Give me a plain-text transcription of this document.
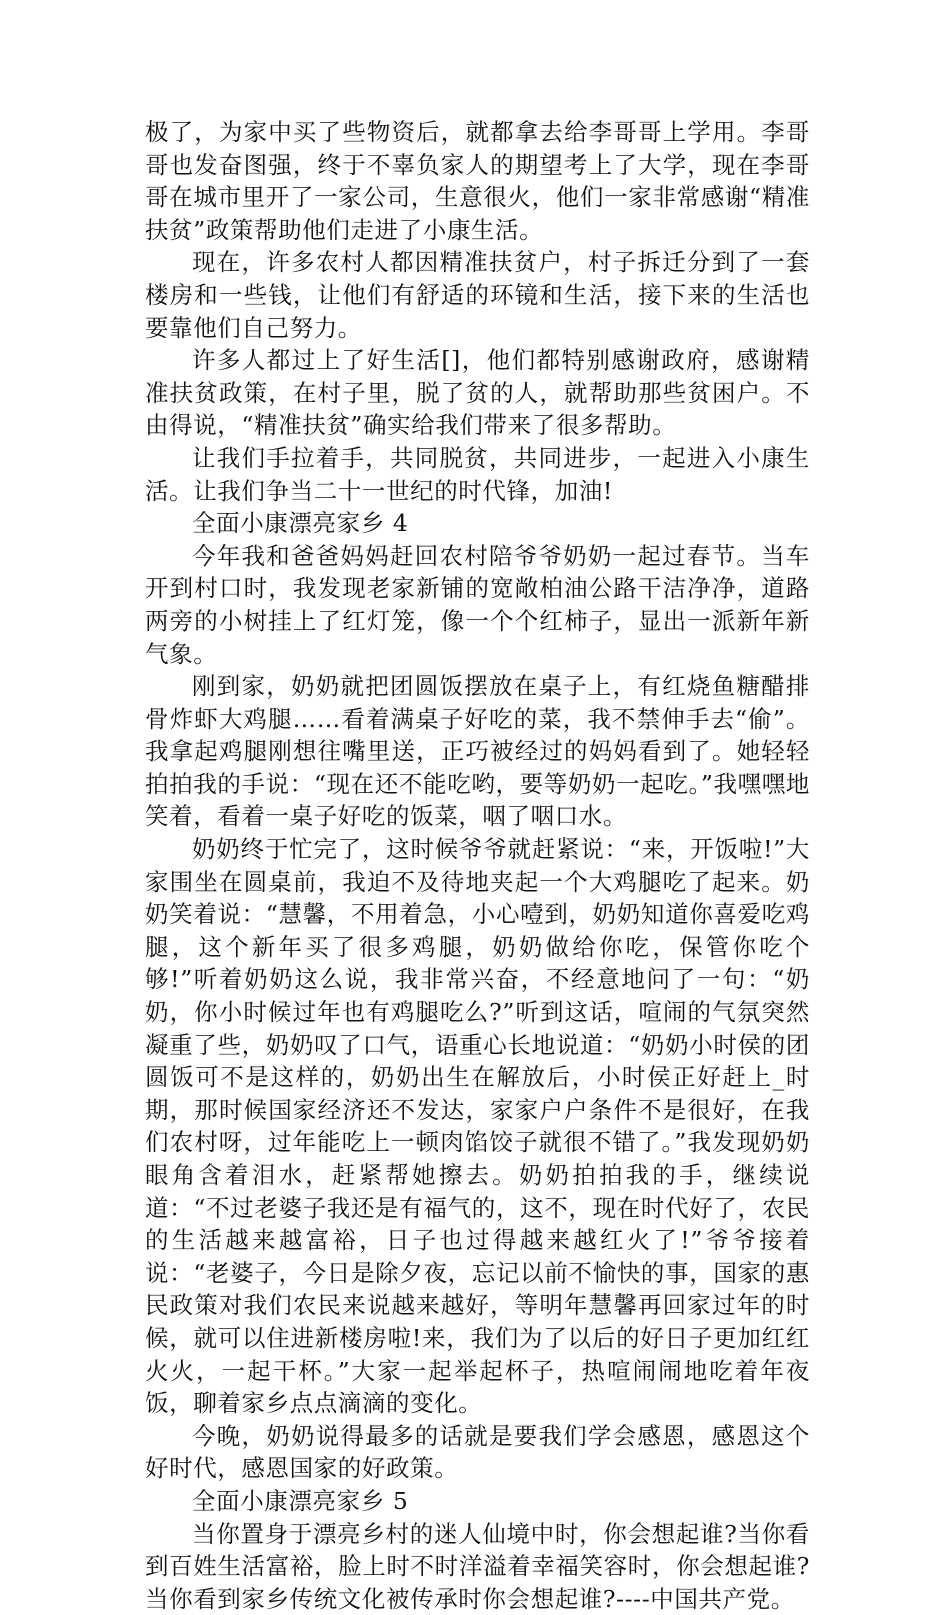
极了，为家中买了些物资后，就都拿去给李哥哥上学用。李哥哥也发奋图强，终于不辜负家人的期望考上了大学，现在李哥哥在城市里开了一家公司，生意很火，他们一家非常感谢“精准扶贫”政策帮助他们走进了小康生活。

现在，许多农村人都因精准扶贫户，村子拆迁分到了一套楼房和一些钱，让他们有舒适的环镜和生活，接下来的生活也要靠他们自己努力。

许多人都过上了好生活[]，他们都特别感谢政府，感谢精准扶贫政策，在村子里，脱了贫的人，就帮助那些贫困户。不由得说，“精准扶贫”确实给我们带来了很多帮助。

让我们手拉着手，共同脱贫，共同进步，一起进入小康生活。让我们争当二十一世纪的时代锋，加油!

全面小康漂亮家乡 4

今年我和爸爸妈妈赶回农村陪爷爷奶奶一起过春节。当车开到村口时，我发现老家新铺的宽敞柏油公路干洁净净，道路两旁的小树挂上了红灯笼，像一个个红柿子，显出一派新年新气象。

刚到家，奶奶就把团圆饭摆放在桌子上，有红烧鱼糖醋排骨炸虾大鸡腿……看着满桌子好吃的菜，我不禁伸手去“偷”。我拿起鸡腿刚想往嘴里送，正巧被经过的妈妈看到了。她轻轻拍拍我的手说：“现在还不能吃哟，要等奶奶一起吃。”我嘿嘿地笑着，看着一桌子好吃的饭菜，咽了咽口水。

奶奶终于忙完了，这时候爷爷就赶紧说：“来，开饭啦!”大家围坐在圆桌前，我迫不及待地夹起一个大鸡腿吃了起来。奶奶笑着说：“慧馨，不用着急，小心噎到，奶奶知道你喜爱吃鸡腿，这个新年买了很多鸡腿，奶奶做给你吃，保管你吃个够!”听着奶奶这么说，我非常兴奋，不经意地问了一句：“奶奶，你小时候过年也有鸡腿吃么?”听到这话，喧闹的气氛突然凝重了些，奶奶叹了口气，语重心长地说道：“奶奶小时侯的团圆饭可不是这样的，奶奶出生在解放后，小时侯正好赶上_时期，那时候国家经济还不发达，家家户户条件不是很好，在我们农村呀，过年能吃上一顿肉馅饺子就很不错了。”我发现奶奶眼角含着泪水，赶紧帮她擦去。奶奶拍拍我的手，继续说道：“不过老婆子我还是有福气的，这不，现在时代好了，农民的生活越来越富裕，日子也过得越来越红火了!”爷爷接着说：“老婆子，今日是除夕夜，忘记以前不愉快的事，国家的惠民政策对我们农民来说越来越好，等明年慧馨再回家过年的时候，就可以住进新楼房啦!来，我们为了以后的好日子更加红红火火，一起干杯。”大家一起举起杯子，热喧闹闹地吃着年夜饭，聊着家乡点点滴滴的变化。

今晚，奶奶说得最多的话就是要我们学会感恩，感恩这个好时代，感恩国家的好政策。

全面小康漂亮家乡 5

当你置身于漂亮乡村的迷人仙境中时，你会想起谁?当你看到百姓生活富裕，脸上时不时洋溢着幸福笑容时，你会想起谁?当你看到家乡传统文化被传承时你会想起谁?----中国共产党。
